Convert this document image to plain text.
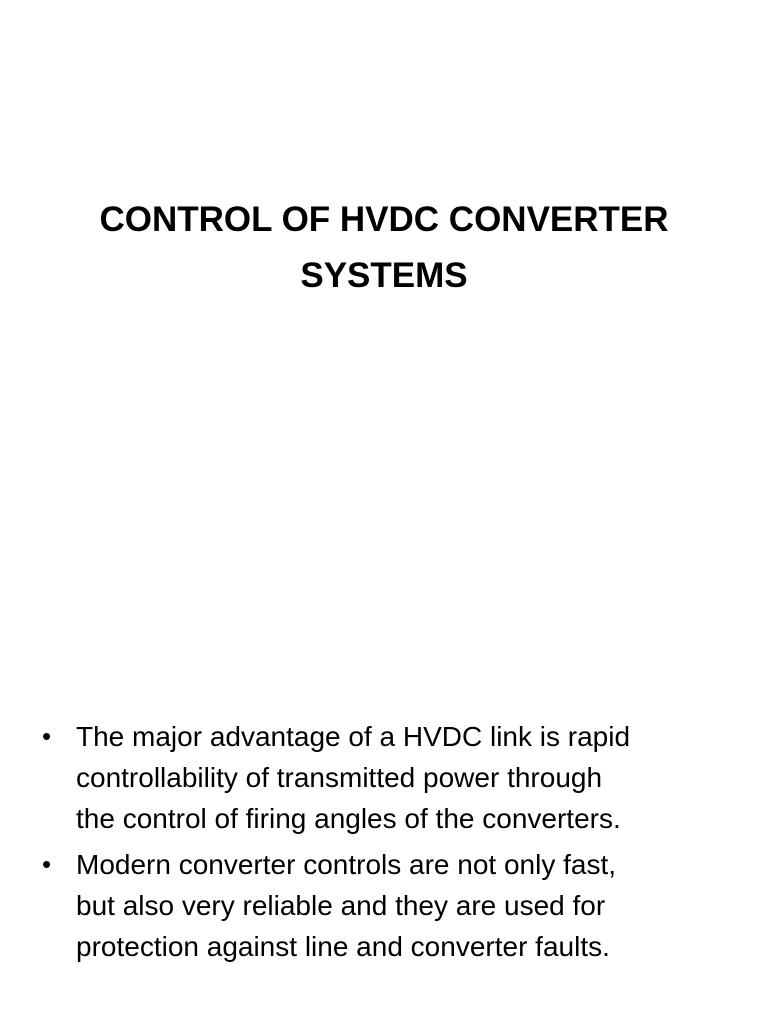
CONTROL OF HVDC CONVERTER
SYSTEMS
• The major advantage of a HVDC link is rapid
controllability of transmitted power through
the control of firing angles of the converters.
• Modern converter controls are not only fast,
but also very reliable and they are used for
protection against line and converter faults.
